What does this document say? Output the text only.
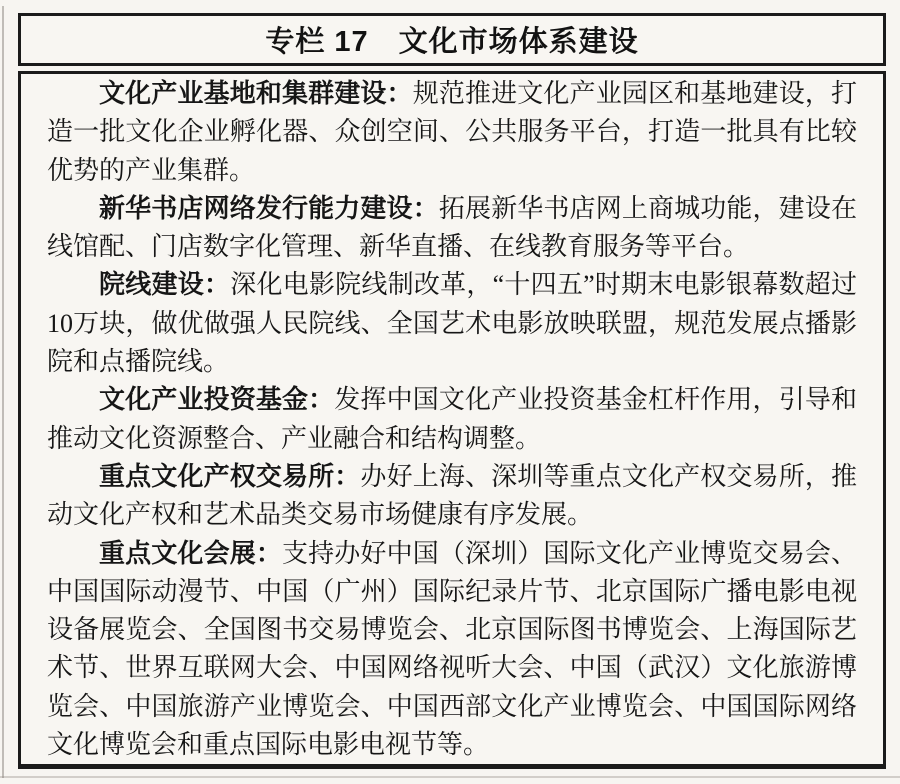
专栏 17 文化市场体系建设

文化产业基地和集群建设：规范推进文化产业园区和基地建设，打造一批文化企业孵化器、众创空间、公共服务平台，打造一批具有比较优势的产业集群。

新华书店网络发行能力建设：拓展新华书店网上商城功能，建设在线馆配、门店数字化管理、新华直播、在线教育服务等平台。

院线建设：深化电影院线制改革，“十四五”时期末电影银幕数超过10万块，做优做强人民院线、全国艺术电影放映联盟，规范发展点播影院和点播院线。

文化产业投资基金：发挥中国文化产业投资基金杠杆作用，引导和推动文化资源整合、产业融合和结构调整。

重点文化产权交易所：办好上海、深圳等重点文化产权交易所，推动文化产权和艺术品类交易市场健康有序发展。

重点文化会展：支持办好中国（深圳）国际文化产业博览交易会、中国国际动漫节、中国（广州）国际纪录片节、北京国际广播电影电视设备展览会、全国图书交易博览会、北京国际图书博览会、上海国际艺术节、世界互联网大会、中国网络视听大会、中国（武汉）文化旅游博览会、中国旅游产业博览会、中国西部文化产业博览会、中国国际网络文化博览会和重点国际电影电视节等。
